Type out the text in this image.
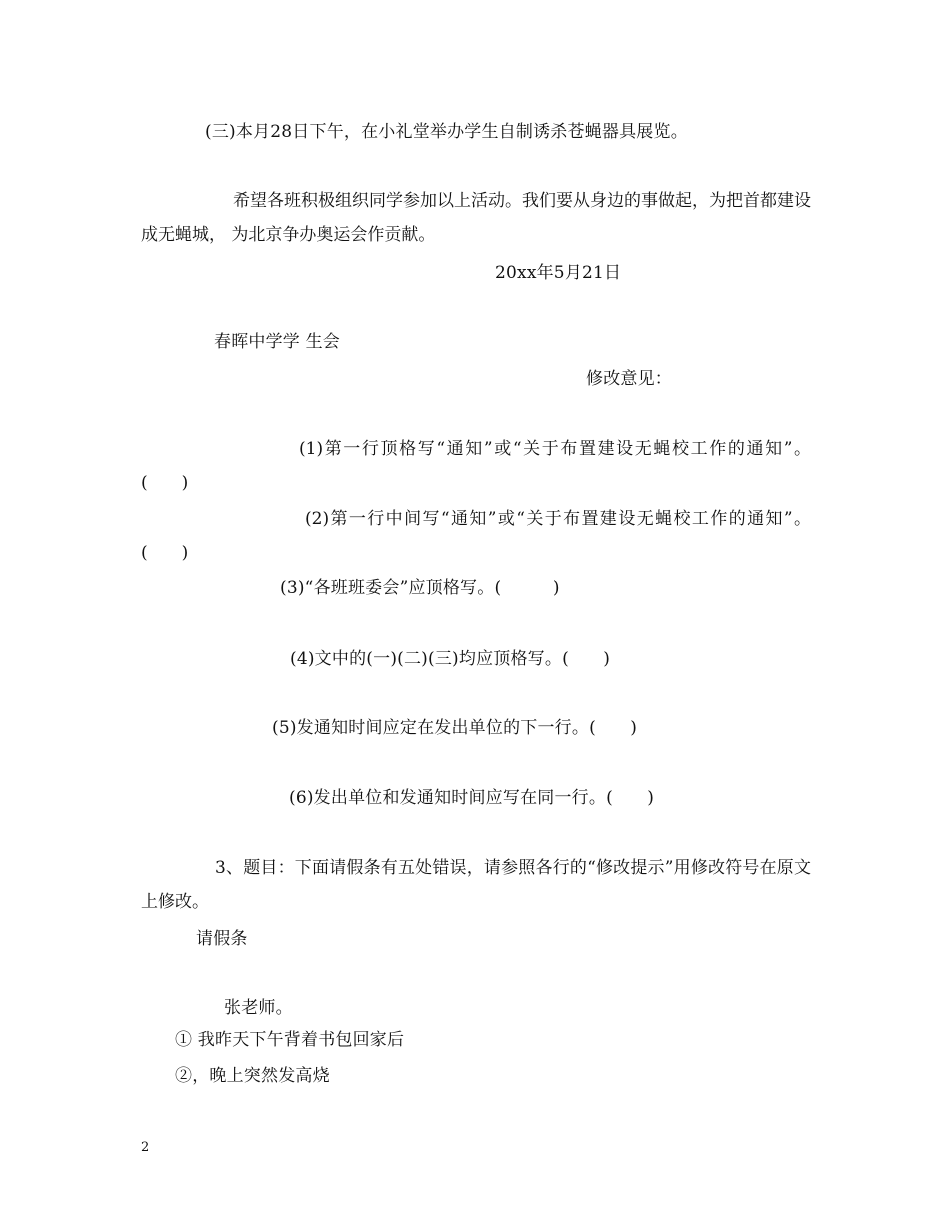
(三)本月28日下午，在小礼堂举办学生自制诱杀苍蝇器具展览。
希望各班积极组织同学参加以上活动。我们要从身边的事做起，为把首都建设成无蝇城， 为北京争办奥运会作贡献。
20xx年5月21日
春晖中学学 生会
修改意见：
(1)第一行顶格写“通知”或“关于布置建设无蝇校工作的通知”。(　　)
(2)第一行中间写“通知”或“关于布置建设无蝇校工作的通知”。(　　)
(3)“各班班委会”应顶格写。(　　　)
(4)文中的(一)(二)(三)均应顶格写。(　　)
(5)发通知时间应定在发出单位的下一行。(　　)
(6)发出单位和发通知时间应写在同一行。(　　)
3、题目：下面请假条有五处错误，请参照各行的“修改提示”用修改符号在原文上修改。
请假条
张老师。
① 我昨天下午背着书包回家后
②，晚上突然发高烧
2
